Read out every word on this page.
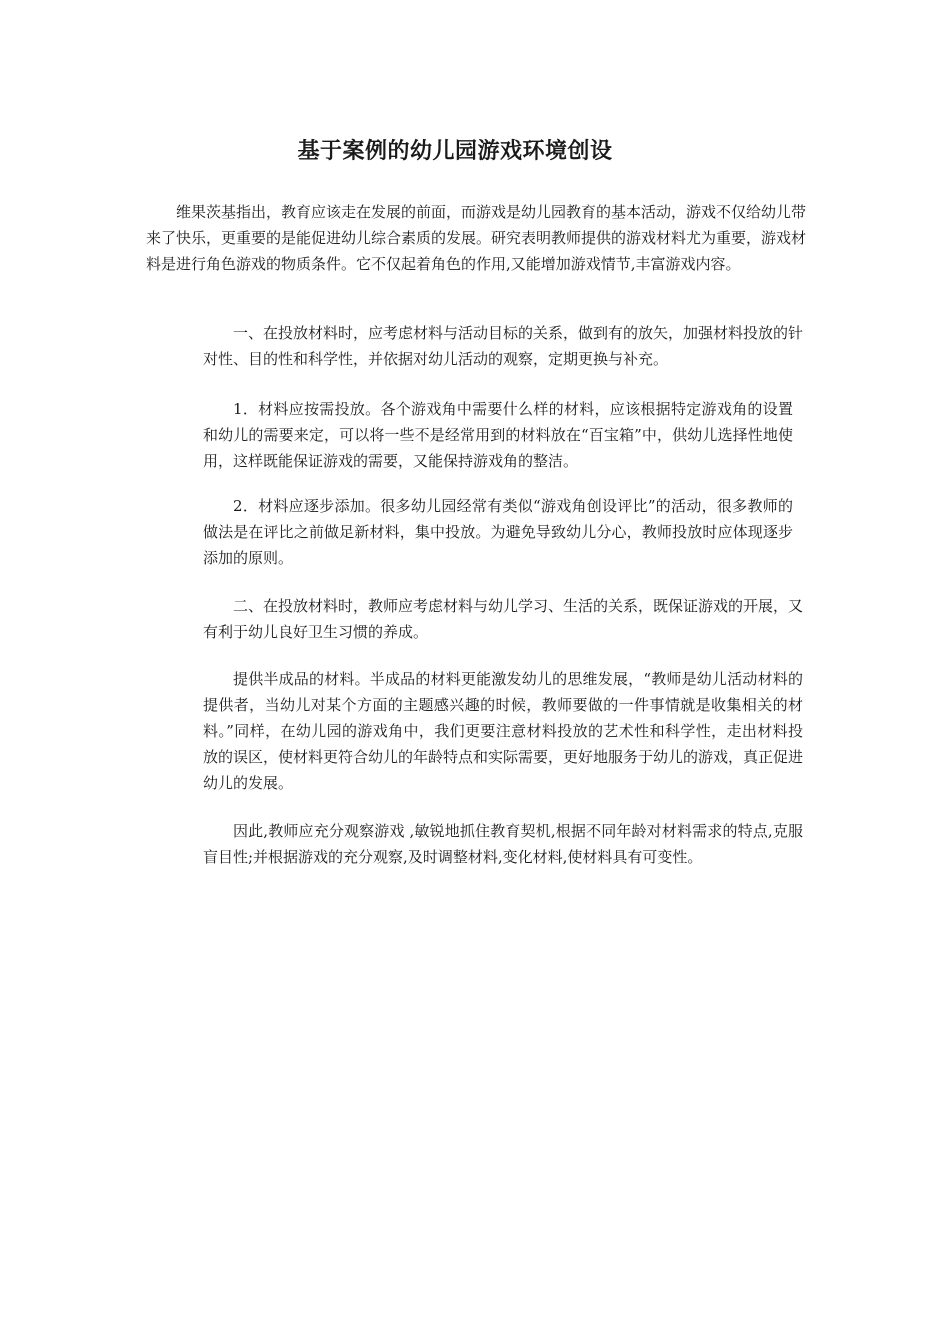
基于案例的幼儿园游戏环境创设

维果茨基指出，教育应该走在发展的前面，而游戏是幼儿园教育的基本活动，游戏不仅给幼儿带来了快乐，更重要的是能促进幼儿综合素质的发展。研究表明教师提供的游戏材料尤为重要，游戏材料是进行角色游戏的物质条件。它不仅起着角色的作用,又能增加游戏情节,丰富游戏内容。

一、在投放材料时，应考虑材料与活动目标的关系，做到有的放矢，加强材料投放的针对性、目的性和科学性，并依据对幼儿活动的观察，定期更换与补充。

1．材料应按需投放。各个游戏角中需要什么样的材料，应该根据特定游戏角的设置和幼儿的需要来定，可以将一些不是经常用到的材料放在“百宝箱”中，供幼儿选择性地使用，这样既能保证游戏的需要，又能保持游戏角的整洁。

2．材料应逐步添加。很多幼儿园经常有类似“游戏角创设评比”的活动，很多教师的做法是在评比之前做足新材料，集中投放。为避免导致幼儿分心，教师投放时应体现逐步添加的原则。

二、在投放材料时，教师应考虑材料与幼儿学习、生活的关系，既保证游戏的开展，又有利于幼儿良好卫生习惯的养成。

提供半成品的材料。半成品的材料更能激发幼儿的思维发展，“教师是幼儿活动材料的提供者，当幼儿对某个方面的主题感兴趣的时候，教师要做的一件事情就是收集相关的材料。”同样，在幼儿园的游戏角中，我们更要注意材料投放的艺术性和科学性，走出材料投放的误区，使材料更符合幼儿的年龄特点和实际需要，更好地服务于幼儿的游戏，真正促进幼儿的发展。

因此,教师应充分观察游戏 ,敏锐地抓住教育契机,根据不同年龄对材料需求的特点,克服盲目性;并根据游戏的充分观察,及时调整材料,变化材料,使材料具有可变性。
